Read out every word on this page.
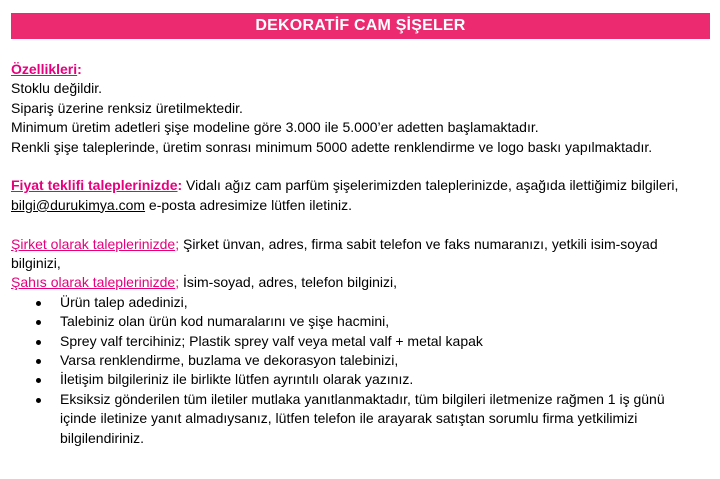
DEKORATİF CAM ŞİŞELER
Özellikleri:
Stoklu değildir.
Sipariş üzerine renksiz üretilmektedir.
Minimum üretim adetleri şişe modeline göre 3.000 ile 5.000’er adetten başlamaktadır.
Renkli şişe taleplerinde, üretim sonrası minimum 5000 adette renklendirme ve logo baskı yapılmaktadır.
Fiyat teklifi taleplerinizde: Vidalı ağız cam parfüm şişelerimizden taleplerinizde, aşağıda ilettiğimiz bilgileri,  bilgi@durukimya.com e-posta adresimize lütfen iletiniz.
Şirket olarak taleplerinizde; Şirket ünvan, adres, firma sabit telefon ve faks numaranızı, yetkili isim-soyad bilginizi,
Şahıs olarak taleplerinizde; İsim-soyad, adres, telefon bilginizi,
Ürün talep adedinizi,
Talebiniz olan ürün kod numaralarını ve şişe hacmini,
Sprey valf tercihiniz; Plastik sprey valf veya metal valf + metal kapak
Varsa renklendirme, buzlama ve dekorasyon talebinizi,
İletişim bilgileriniz ile birlikte lütfen ayrıntılı olarak yazınız.
Eksiksiz gönderilen tüm iletiler mutlaka yanıtlanmaktadır, tüm bilgileri iletmenize rağmen 1 iş günü içinde iletinize yanıt almadıysanız, lütfen telefon ile arayarak satıştan sorumlu firma yetkilimizi bilgilendiriniz.
